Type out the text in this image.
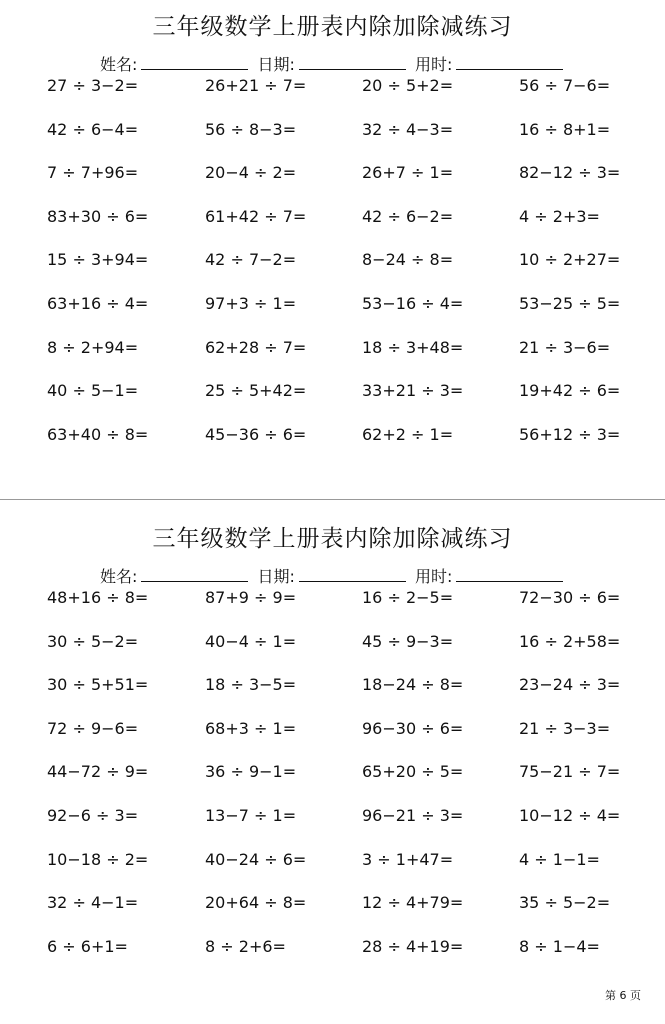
三年级数学上册表内除加除减练习
姓名:	日期:	用时:
27 ÷ 3−2=	26+21 ÷ 7=	20 ÷ 5+2=	56 ÷ 7−6=
42 ÷ 6−4=	56 ÷ 8−3=	32 ÷ 4−3=	16 ÷ 8+1=
7 ÷ 7+96=	20−4 ÷ 2=	26+7 ÷ 1=	82−12 ÷ 3=
83+30 ÷ 6=	61+42 ÷ 7=	42 ÷ 6−2=	4 ÷ 2+3=
15 ÷ 3+94=	42 ÷ 7−2=	8−24 ÷ 8=	10 ÷ 2+27=
63+16 ÷ 4=	97+3 ÷ 1=	53−16 ÷ 4=	53−25 ÷ 5=
8 ÷ 2+94=	62+28 ÷ 7=	18 ÷ 3+48=	21 ÷ 3−6=
40 ÷ 5−1=	25 ÷ 5+42=	33+21 ÷ 3=	19+42 ÷ 6=
63+40 ÷ 8=	45−36 ÷ 6=	62+2 ÷ 1=	56+12 ÷ 3=
三年级数学上册表内除加除减练习
姓名:	日期:	用时:
48+16 ÷ 8=	87+9 ÷ 9=	16 ÷ 2−5=	72−30 ÷ 6=
30 ÷ 5−2=	40−4 ÷ 1=	45 ÷ 9−3=	16 ÷ 2+58=
30 ÷ 5+51=	18 ÷ 3−5=	18−24 ÷ 8=	23−24 ÷ 3=
72 ÷ 9−6=	68+3 ÷ 1=	96−30 ÷ 6=	21 ÷ 3−3=
44−72 ÷ 9=	36 ÷ 9−1=	65+20 ÷ 5=	75−21 ÷ 7=
92−6 ÷ 3=	13−7 ÷ 1=	96−21 ÷ 3=	10−12 ÷ 4=
10−18 ÷ 2=	40−24 ÷ 6=	3 ÷ 1+47=	4 ÷ 1−1=
32 ÷ 4−1=	20+64 ÷ 8=	12 ÷ 4+79=	35 ÷ 5−2=
6 ÷ 6+1=	8 ÷ 2+6=	28 ÷ 4+19=	8 ÷ 1−4=
第 6 页
